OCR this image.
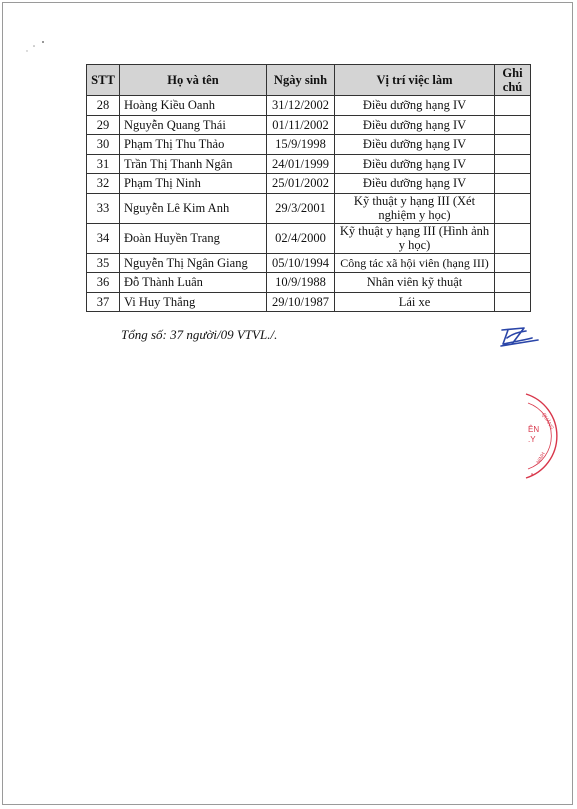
STT	Họ và tên	Ngày sinh	Vị trí việc làm	Ghi chú
28	Hoàng Kiều Oanh	31/12/2002	Điều dưỡng hạng IV	
29	Nguyễn Quang Thái	01/11/2002	Điều dưỡng hạng IV	
30	Phạm Thị Thu Thảo	15/9/1998	Điều dưỡng hạng IV	
31	Trần Thị Thanh Ngân	24/01/1999	Điều dưỡng hạng IV	
32	Phạm Thị Ninh	25/01/2002	Điều dưỡng hạng IV	
33	Nguyễn Lê Kim Anh	29/3/2001	Kỹ thuật y hạng III (Xét nghiệm y học)	
34	Đoàn Huyền Trang	02/4/2000	Kỹ thuật y hạng III (Hình ảnh y học)	
35	Nguyễn Thị Ngân Giang	05/10/1994	Công tác xã hội viên (hạng III)	
36	Đỗ Thành Luân	10/9/1988	Nhân viên kỹ thuật	
37	Vi Huy Thắng	29/10/1987	Lái xe	
Tổng số: 37 người/09 VTVL./.
QUẢNG
NINH
ÊN
.Y
